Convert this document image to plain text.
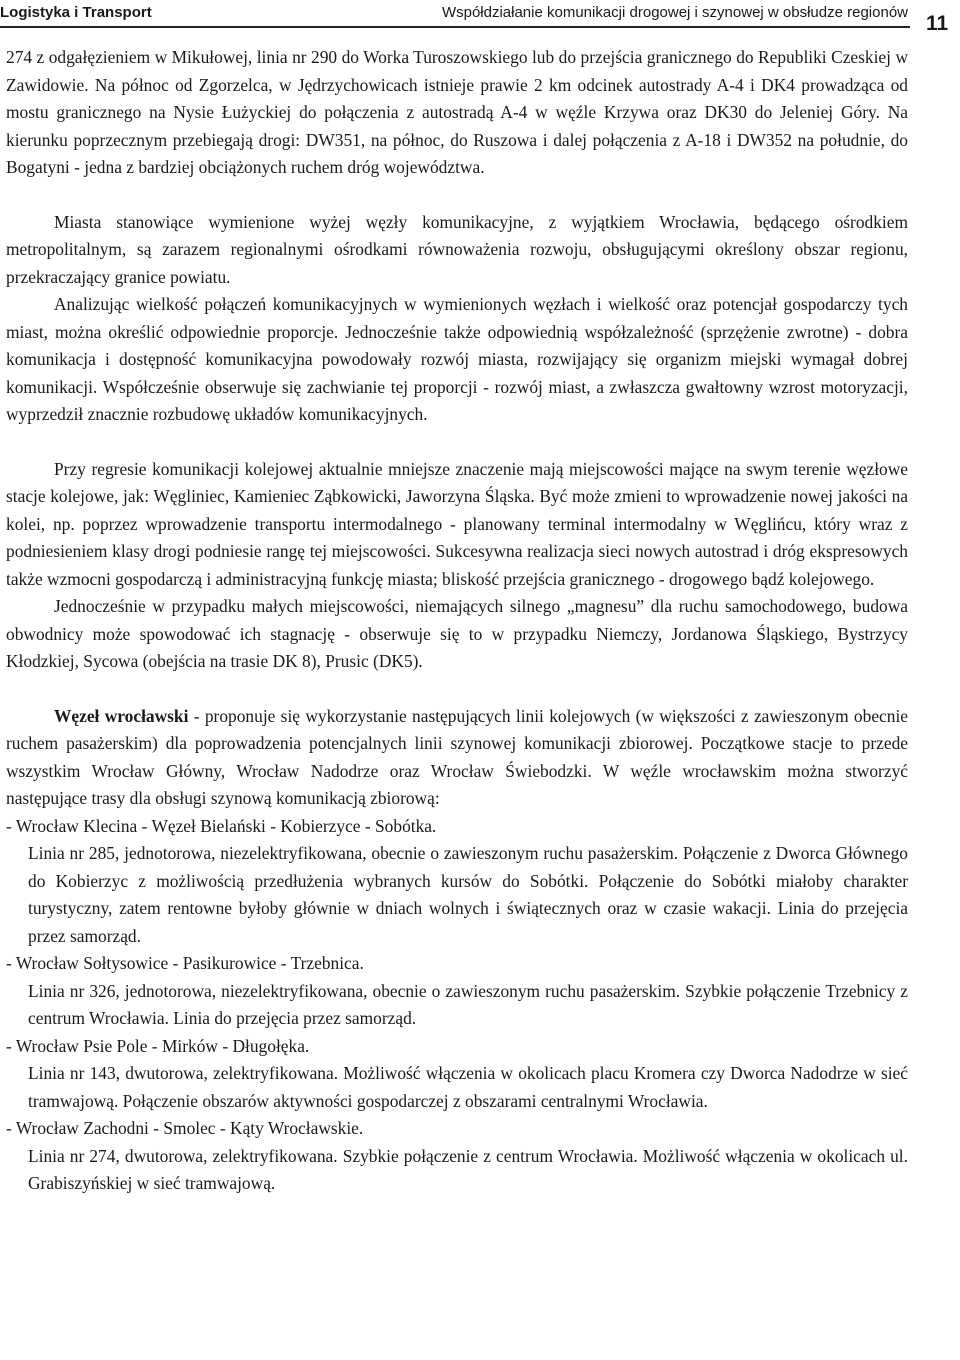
Logistyka i Transport	Współdziałanie komunikacji drogowej i szynowej w obsłudze regionów 11

274 z odgałęzieniem w Mikułowej, linia nr 290 do Worka Turoszowskiego lub do przejścia granicznego do Republiki Czeskiej w Zawidowie. Na północ od Zgorzelca, w Jędrzychowicach istnieje prawie 2 km odcinek autostrady A-4 i DK4 prowadząca od mostu granicznego na Nysie Łużyckiej do połączenia z autostradą A-4 w węźle Krzywa oraz DK30 do Jeleniej Góry. Na kierunku poprzecznym przebiegają drogi: DW351, na północ, do Ruszowa i dalej połączenia z A-18 i DW352 na południe, do Bogatyni - jedna z bardziej obciążonych ruchem dróg województwa.

Miasta stanowiące wymienione wyżej węzły komunikacyjne, z wyjątkiem Wrocławia, będącego ośrodkiem metropolitalnym, są zarazem regionalnymi ośrodkami równoważenia rozwoju, obsługującymi określony obszar regionu, przekraczający granice powiatu.

Analizując wielkość połączeń komunikacyjnych w wymienionych węzłach i wielkość oraz potencjał gospodarczy tych miast, można określić odpowiednie proporcje. Jednocześnie także odpowiednią współzależność (sprzężenie zwrotne) - dobra komunikacja i dostępność komunikacyjna powodowały rozwój miasta, rozwijający się organizm miejski wymagał dobrej komunikacji. Współcześnie obserwuje się zachwianie tej proporcji - rozwój miast, a zwłaszcza gwałtowny wzrost motoryzacji, wyprzedził znacznie rozbudowę układów komunikacyjnych.

Przy regresie komunikacji kolejowej aktualnie mniejsze znaczenie mają miejscowości mające na swym terenie węzłowe stacje kolejowe, jak: Węgliniec, Kamieniec Ząbkowicki, Jaworzyna Śląska. Być może zmieni to wprowadzenie nowej jakości na kolei, np. poprzez wprowadzenie transportu intermodalnego - planowany terminal intermodalny w Węglińcu, który wraz z podniesieniem klasy drogi podniesie rangę tej miejscowości. Sukcesywna realizacja sieci nowych autostrad i dróg ekspresowych także wzmocni gospodarczą i administracyjną funkcję miasta; bliskość przejścia granicznego - drogowego bądź kolejowego.

Jednocześnie w przypadku małych miejscowości, niemających silnego „magnesu” dla ruchu samochodowego, budowa obwodnicy może spowodować ich stagnację - obserwuje się to w przypadku Niemczy, Jordanowa Śląskiego, Bystrzycy Kłodzkiej, Sycowa (obejścia na trasie DK 8), Prusic (DK5).

Węzeł wrocławski - proponuje się wykorzystanie następujących linii kolejowych (w większości z zawieszonym obecnie ruchem pasażerskim) dla poprowadzenia potencjalnych linii szynowej komunikacji zbiorowej. Początkowe stacje to przede wszystkim Wrocław Główny, Wrocław Nadodrze oraz Wrocław Świebodzki. W węźle wrocławskim można stworzyć następujące trasy dla obsługi szynową komunikacją zbiorową:

- Wrocław Klecina - Węzeł Bielański - Kobierzyce - Sobótka.

Linia nr 285, jednotorowa, niezelektryfikowana, obecnie o zawieszonym ruchu pasażerskim. Połączenie z Dworca Głównego do Kobierzyc z możliwością przedłużenia wybranych kursów do Sobótki. Połączenie do Sobótki miałoby charakter turystyczny, zatem rentowne byłoby głównie w dniach wolnych i świątecznych oraz w czasie wakacji. Linia do przejęcia przez samorząd.

- Wrocław Sołtysowice - Pasikurowice - Trzebnica.

Linia nr 326, jednotorowa, niezelektryfikowana, obecnie o zawieszonym ruchu pasażerskim. Szybkie połączenie Trzebnicy z centrum Wrocławia. Linia do przejęcia przez samorząd.

- Wrocław Psie Pole - Mirków - Długołęka.

Linia nr 143, dwutorowa, zelektryfikowana. Możliwość włączenia w okolicach placu Kromera czy Dworca Nadodrze w sieć tramwajową. Połączenie obszarów aktywności gospodarczej z obszarami centralnymi Wrocławia.

- Wrocław Zachodni - Smolec - Kąty Wrocławskie.

Linia nr 274, dwutorowa, zelektryfikowana. Szybkie połączenie z centrum Wrocławia. Możliwość włączenia w okolicach ul. Grabiszyńskiej w sieć tramwajową.
